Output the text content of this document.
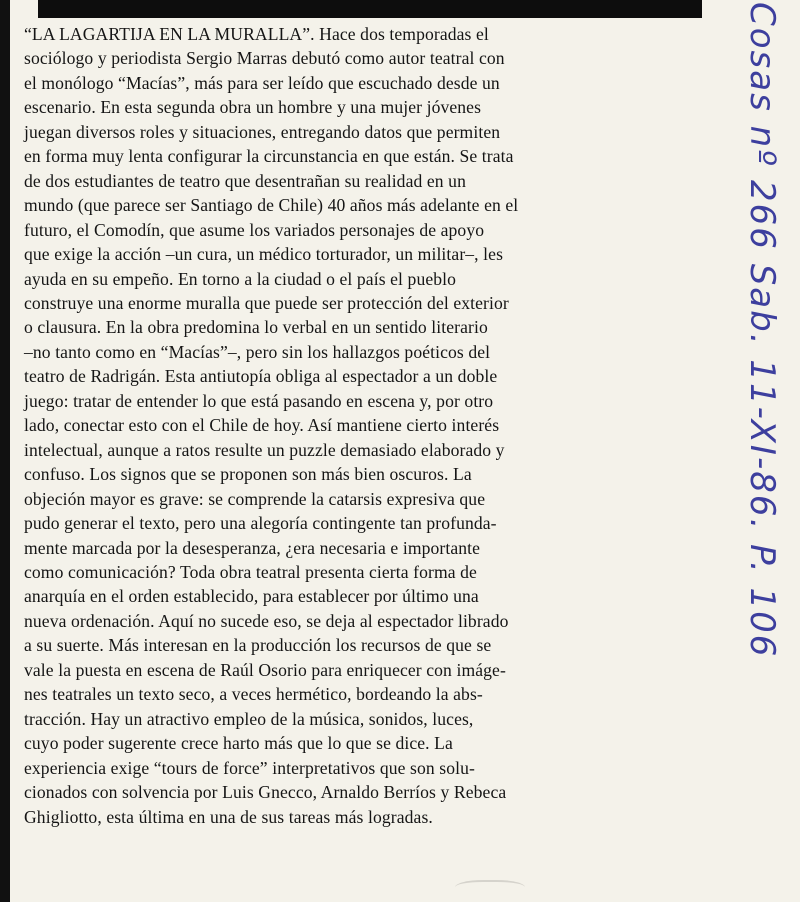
“LA LAGARTIJA EN LA MURALLA”. Hace dos temporadas el
sociólogo y periodista Sergio Marras debutó como autor teatral con
el monólogo “Macías”, más para ser leído que escuchado desde un
escenario. En esta segunda obra un hombre y una mujer jóvenes
juegan diversos roles y situaciones, entregando datos que permiten
en forma muy lenta configurar la circunstancia en que están. Se trata
de dos estudiantes de teatro que desentrañan su realidad en un
mundo (que parece ser Santiago de Chile) 40 años más adelante en el
futuro, el Comodín, que asume los variados personajes de apoyo
que exige la acción –un cura, un médico torturador, un militar–, les
ayuda en su empeño. En torno a la ciudad o el país el pueblo
construye una enorme muralla que puede ser protección del exterior
o clausura. En la obra predomina lo verbal en un sentido literario
–no tanto como en “Macías”–, pero sin los hallazgos poéticos del
teatro de Radrigán. Esta antiutopía obliga al espectador a un doble
juego: tratar de entender lo que está pasando en escena y, por otro
lado, conectar esto con el Chile de hoy. Así mantiene cierto interés
intelectual, aunque a ratos resulte un puzzle demasiado elaborado y
confuso. Los signos que se proponen son más bien oscuros. La
objeción mayor es grave: se comprende la catarsis expresiva que
pudo generar el texto, pero una alegoría contingente tan profunda-
mente marcada por la desesperanza, ¿era necesaria e importante
como comunicación? Toda obra teatral presenta cierta forma de
anarquía en el orden establecido, para establecer por último una
nueva ordenación. Aquí no sucede eso, se deja al espectador librado
a su suerte. Más interesan en la producción los recursos de que se
vale la puesta en escena de Raúl Osorio para enriquecer con imáge-
nes teatrales un texto seco, a veces hermético, bordeando la abs-
tracción. Hay un atractivo empleo de la música, sonidos, luces,
cuyo poder sugerente crece harto más que lo que se dice. La
experiencia exige “tours de force” interpretativos que son solu-
cionados con solvencia por Luis Gnecco, Arnaldo Berríos y Rebeca
Ghigliotto, esta última en una de sus tareas más logradas.

Cosas nº 266 Sab. 11-XI-86. P. 106
